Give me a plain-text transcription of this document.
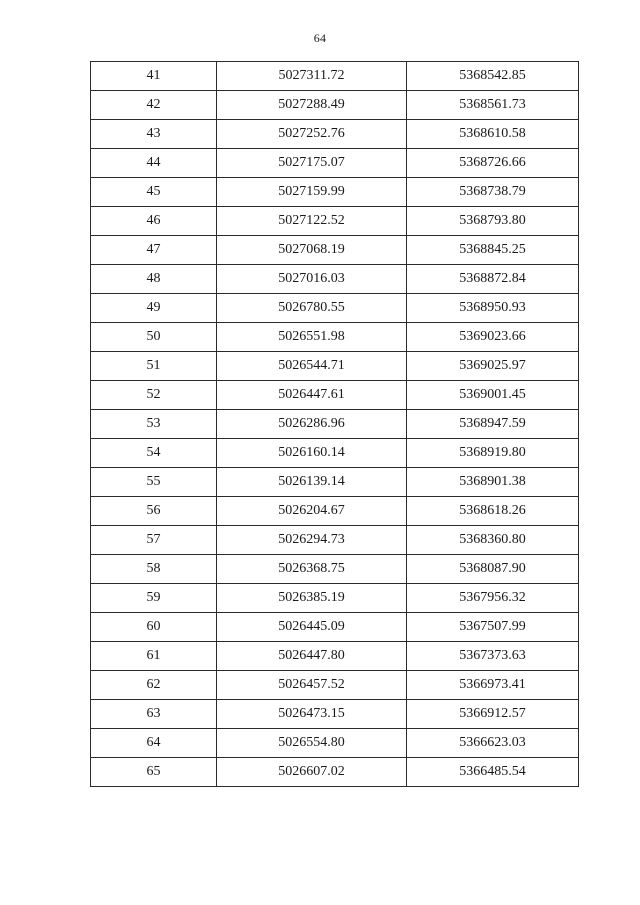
64
41	5027311.72	5368542.85
42	5027288.49	5368561.73
43	5027252.76	5368610.58
44	5027175.07	5368726.66
45	5027159.99	5368738.79
46	5027122.52	5368793.80
47	5027068.19	5368845.25
48	5027016.03	5368872.84
49	5026780.55	5368950.93
50	5026551.98	5369023.66
51	5026544.71	5369025.97
52	5026447.61	5369001.45
53	5026286.96	5368947.59
54	5026160.14	5368919.80
55	5026139.14	5368901.38
56	5026204.67	5368618.26
57	5026294.73	5368360.80
58	5026368.75	5368087.90
59	5026385.19	5367956.32
60	5026445.09	5367507.99
61	5026447.80	5367373.63
62	5026457.52	5366973.41
63	5026473.15	5366912.57
64	5026554.80	5366623.03
65	5026607.02	5366485.54
